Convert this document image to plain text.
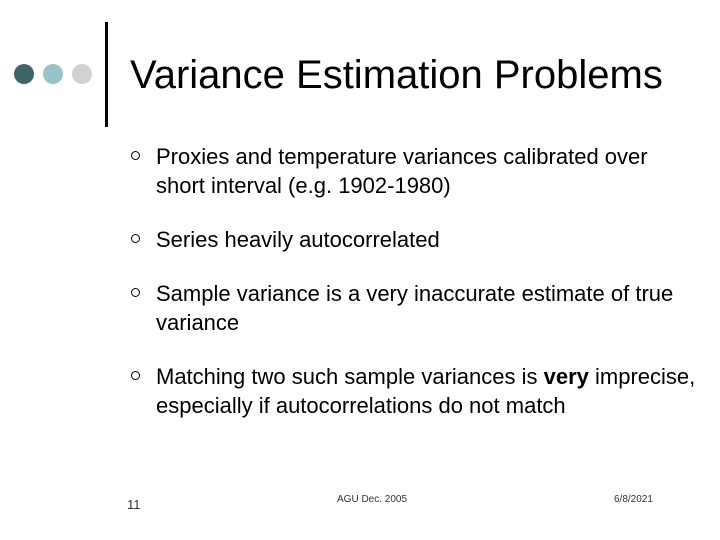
Variance Estimation Problems
Proxies and temperature variances calibrated over short interval (e.g. 1902-1980)
Series heavily autocorrelated
Sample variance is a very inaccurate estimate of true variance
Matching two such sample variances is very imprecise, especially if autocorrelations do not match
11	AGU Dec. 2005	6/8/2021
